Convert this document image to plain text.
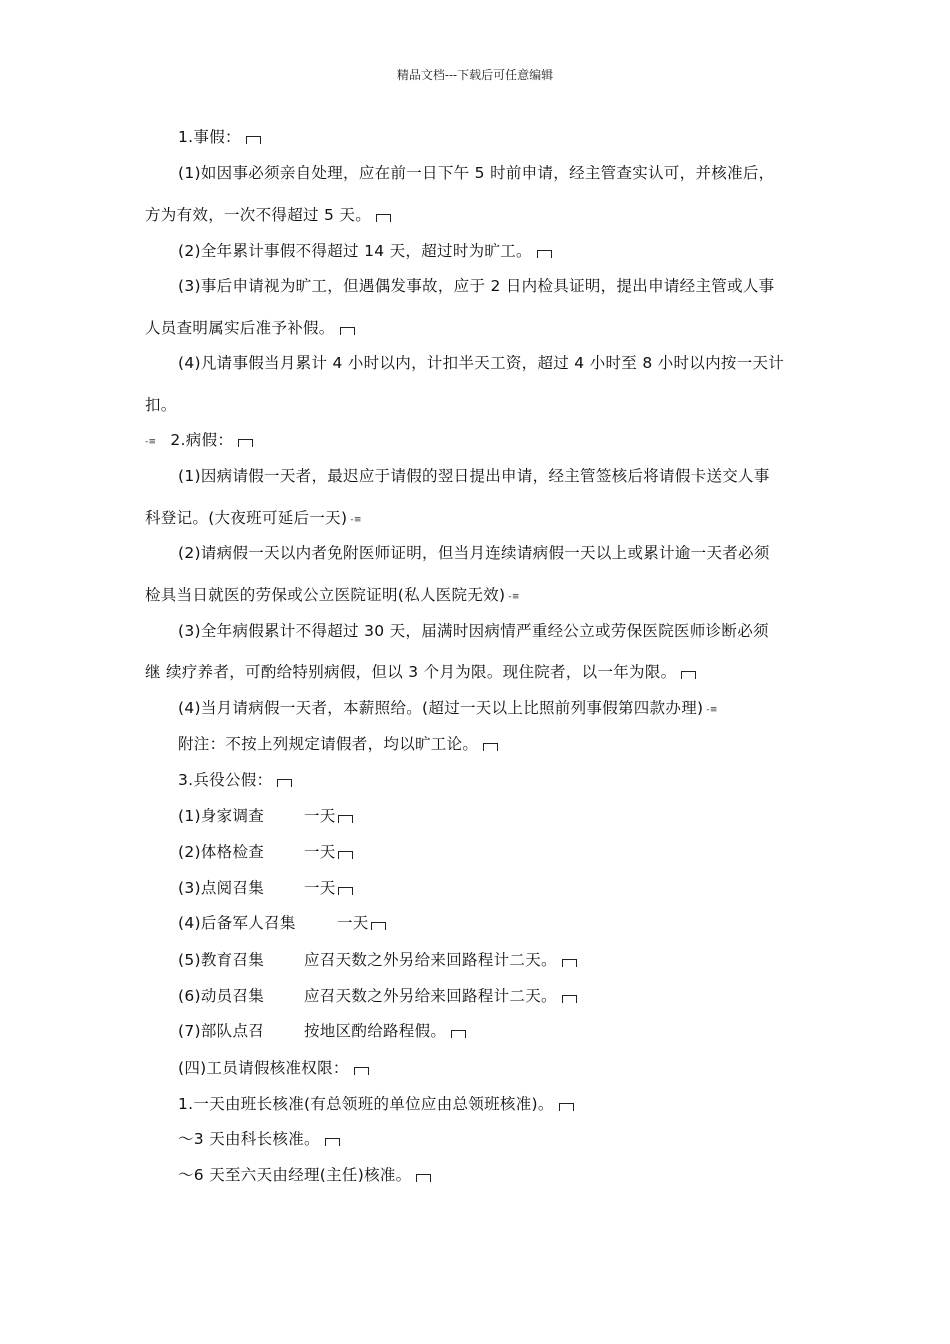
精品文档---下载后可任意编辑
1.事假：
(1)如因事必须亲自处理，应在前一日下午 5 时前申请，经主管查实认可，并核准后，
方为有效，一次不得超过 5 天。
(2)全年累计事假不得超过 14 天，超过时为旷工。
(3)事后申请视为旷工，但遇偶发事故，应于 2 日内检具证明，提出申请经主管或人事
人员查明属实后准予补假。
(4)凡请事假当月累计 4 小时以内，计扣半天工资，超过 4 小时至 8 小时以内按一天计
扣。
-≡ 2.病假：
(1)因病请假一天者，最迟应于请假的翌日提出申请，经主管签核后将请假卡送交人事
科登记。(大夜班可延后一天) -≡
(2)请病假一天以内者免附医师证明，但当月连续请病假一天以上或累计逾一天者必须
检具当日就医的劳保或公立医院证明(私人医院无效) -≡
(3)全年病假累计不得超过 30 天，届满时因病情严重经公立或劳保医院医师诊断必须
继 续疗养者，可酌给特别病假，但以 3 个月为限。现住院者，以一年为限。
(4)当月请病假一天者，本薪照给。(超过一天以上比照前列事假第四款办理) -≡
附注：不按上列规定请假者，均以旷工论。
3.兵役公假：
(1)身家调查	一天
(2)体格检查	一天
(3)点阅召集	一天
(4)后备军人召集	一天
(5)教育召集	应召天数之外另给来回路程计二天。
(6)动员召集	应召天数之外另给来回路程计二天。
(7)部队点召	按地区酌给路程假。
(四)工员请假核准权限：
1.一天由班长核准(有总领班的单位应由总领班核准)。
～3 天由科长核准。
～6 天至六天由经理(主任)核准。
